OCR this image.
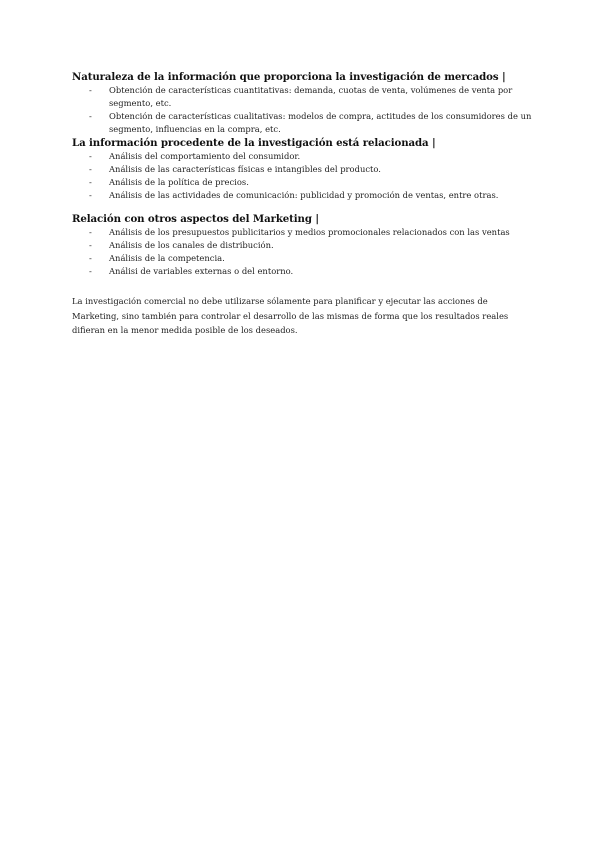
Naturaleza de la información que proporciona la investigación de mercados |
- Obtención de características cuantitativas: demanda, cuotas de venta, volúmenes de venta por segmento, etc.
- Obtención de características cualitativas: modelos de compra, actitudes de los consumidores de un segmento, influencias en la compra, etc.
La información procedente de la investigación está relacionada |
- Análisis del comportamiento del consumidor.
- Análisis de las características físicas e intangibles del producto.
- Análisis de la política de precios.
- Análisis de las actividades de comunicación: publicidad y promoción de ventas, entre otras.
Relación con otros aspectos del Marketing |
- Análisis de los presupuestos publicitarios y medios promocionales relacionados con las ventas
- Análisis de los canales de distribución.
- Análisis de la competencia.
- Análisi de variables externas o del entorno.

La investigación comercial no debe utilizarse sólamente para planificar y ejecutar las acciones de Marketing, sino también para controlar el desarrollo de las mismas de forma que los resultados reales difieran en la menor medida posible de los deseados.
